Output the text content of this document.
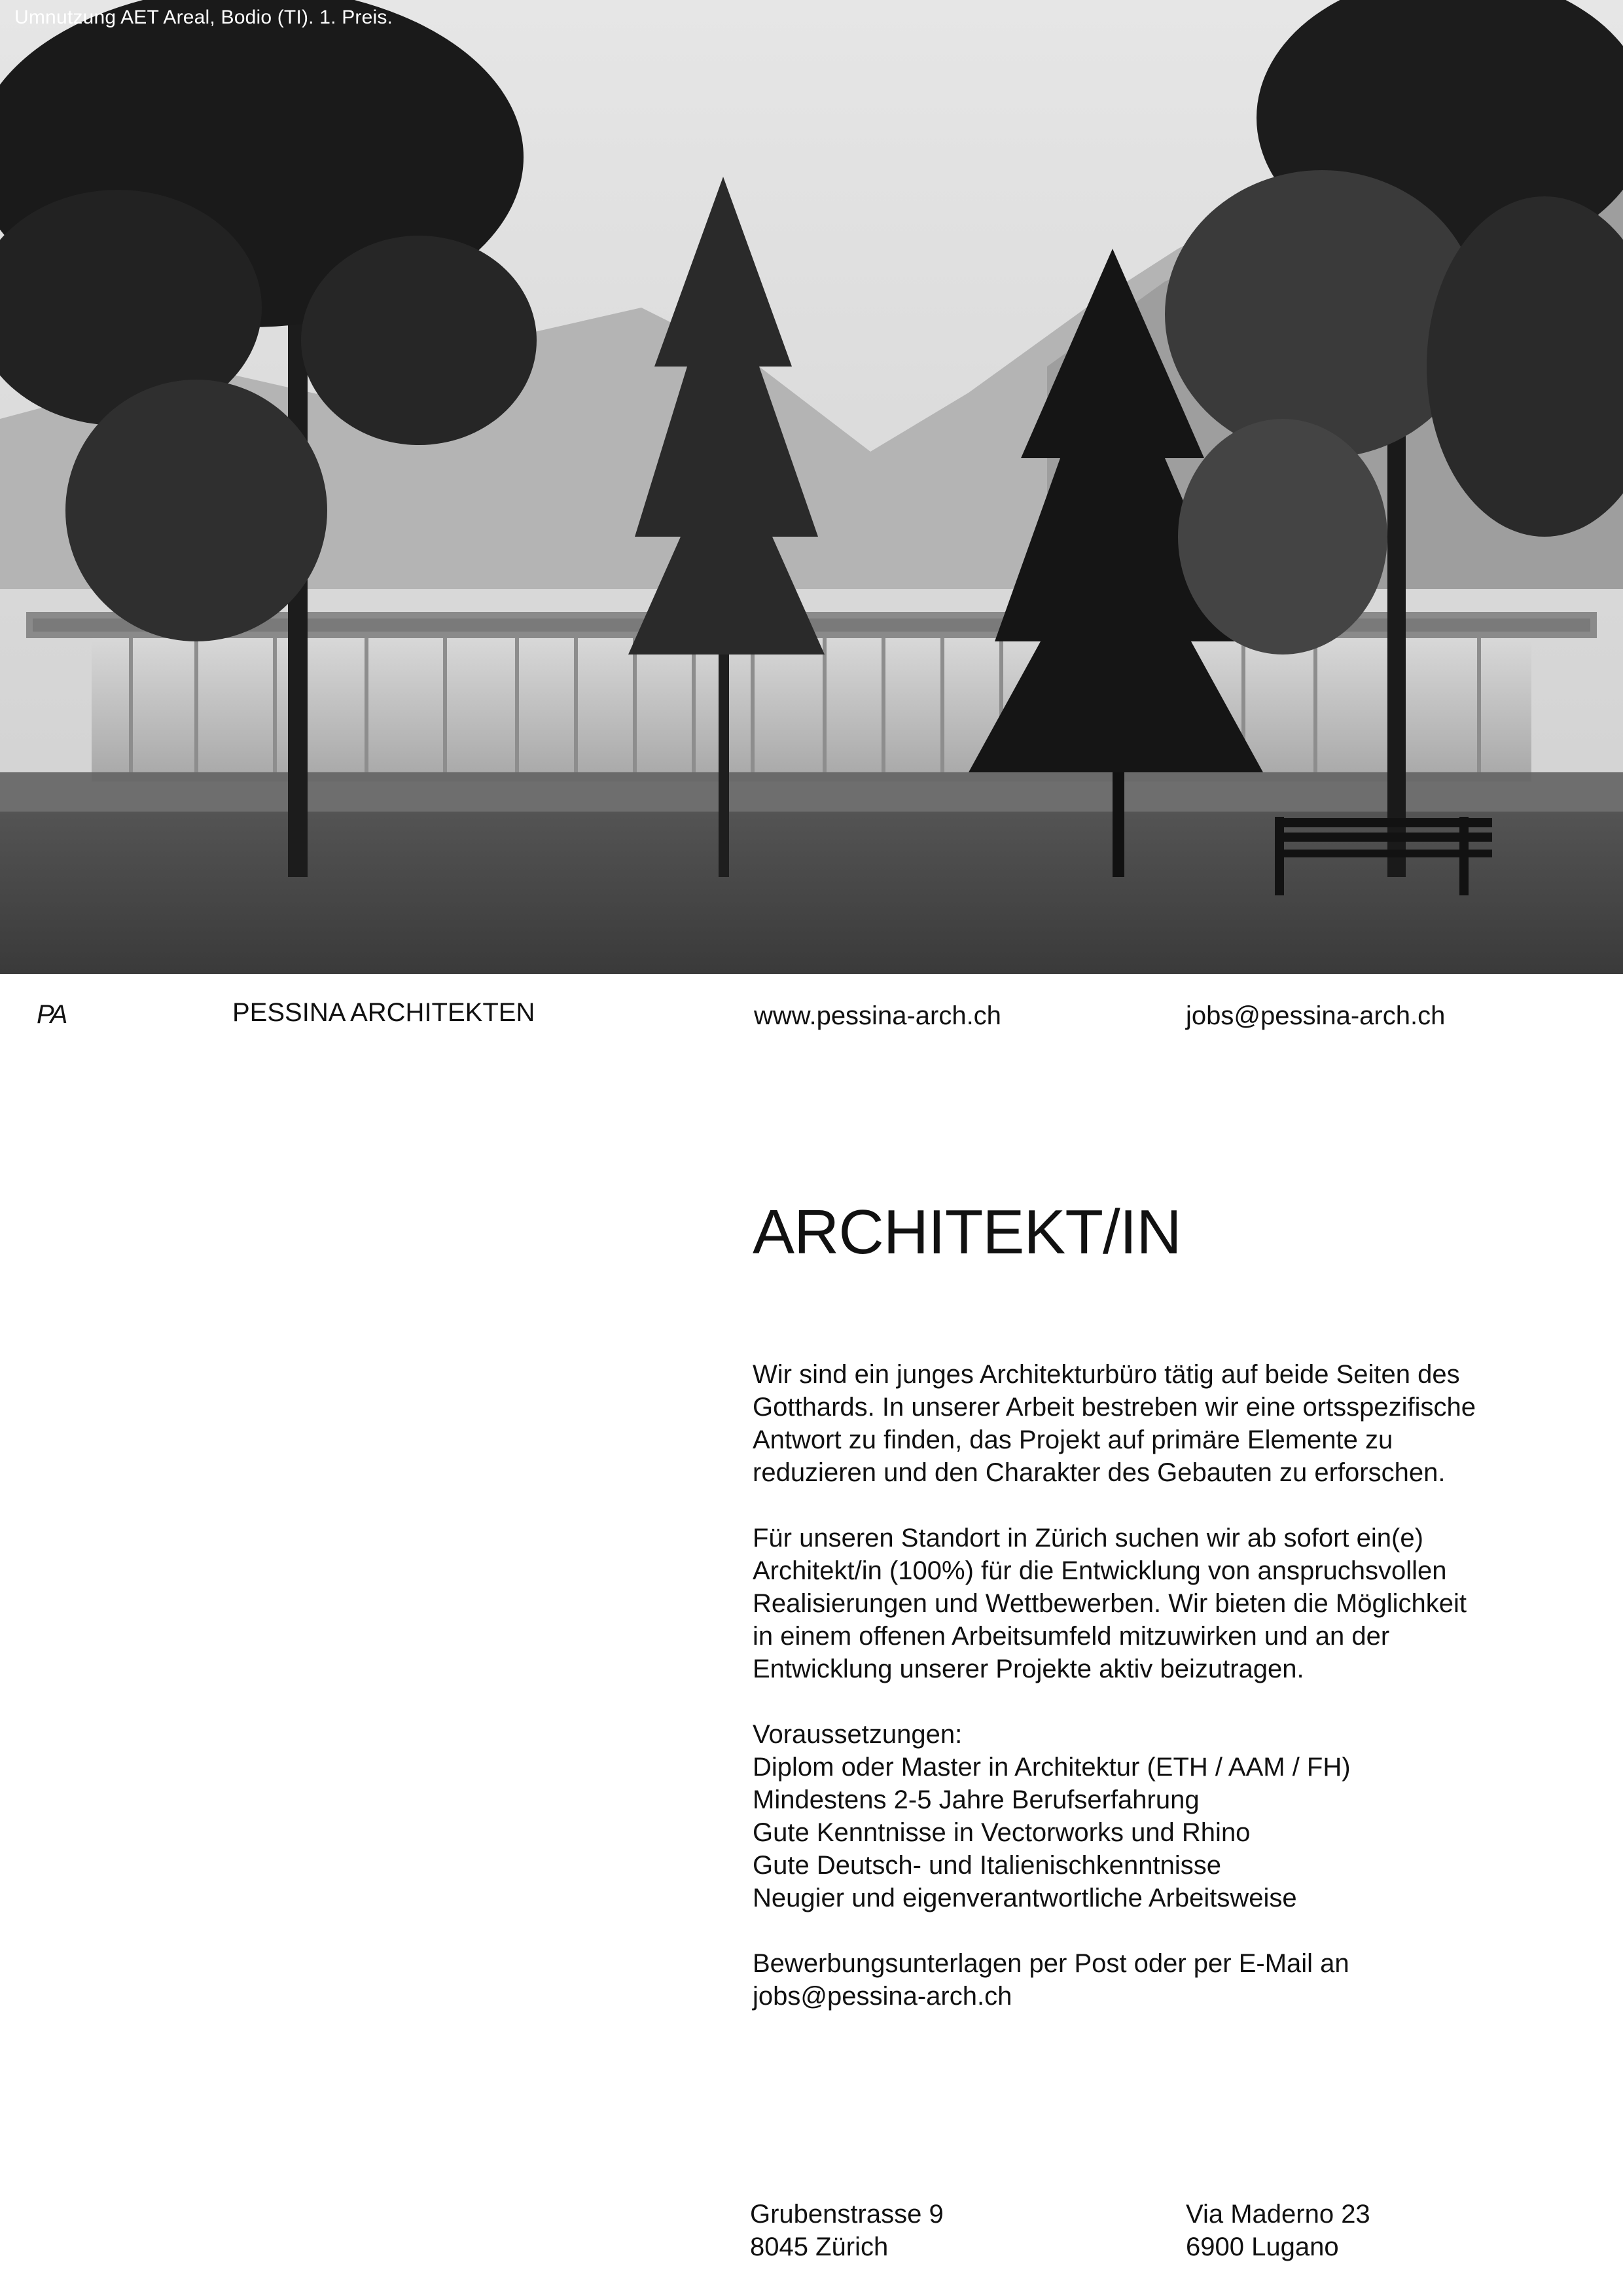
Umnutzung AET Areal, Bodio (TI). 1. Preis.
PA	PESSINA ARCHITEKTEN	www.pessina-arch.ch	jobs@pessina-arch.ch
ARCHITEKT/IN

Wir sind ein junges Architekturbüro tätig auf beide Seiten des Gotthards. In unserer Arbeit bestreben wir eine ortsspezifische Antwort zu finden, das Projekt auf primäre Elemente zu reduzieren und den Charakter des Gebauten zu erforschen.

Für unseren Standort in Zürich suchen wir ab sofort ein(e) Architekt/in (100%) für die Entwicklung von anspruchsvollen Realisierungen und Wettbewerben. Wir bieten die Möglichkeit in einem offenen Arbeitsumfeld mitzuwirken und an der Entwicklung unserer Projekte aktiv beizutragen.

Voraussetzungen:
Diplom oder Master in Architektur (ETH / AAM / FH)
Mindestens 2-5 Jahre Berufserfahrung
Gute Kenntnisse in Vectorworks und Rhino
Gute Deutsch- und Italienischkenntnisse
Neugier und eigenverantwortliche Arbeitsweise

Bewerbungsunterlagen per Post oder per E-Mail an
jobs@pessina-arch.ch

Grubenstrasse 9
8045 Zürich
Via Maderno 23
6900 Lugano
